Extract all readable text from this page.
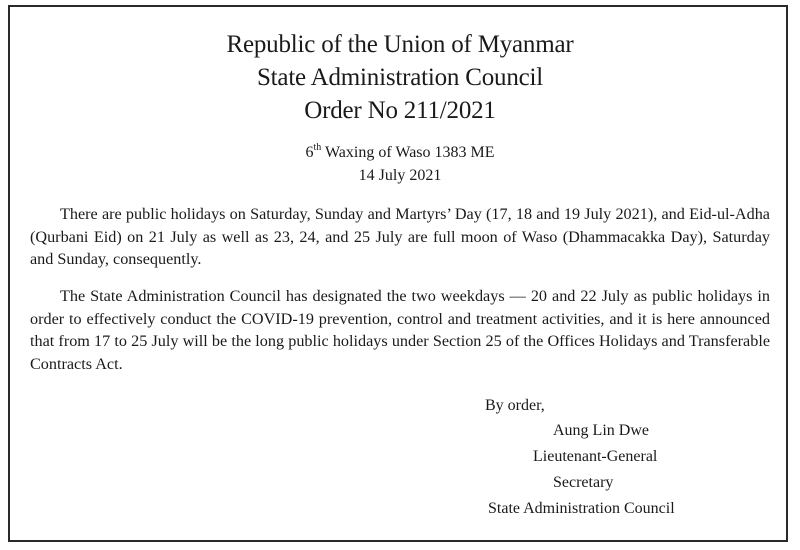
Republic of the Union of Myanmar
State Administration Council
Order No 211/2021
6th Waxing of Waso 1383 ME
14 July 2021

There are public holidays on Saturday, Sunday and Martyrs’ Day (17, 18 and 19 July 2021), and Eid-ul-Adha (Qurbani Eid) on 21 July as well as 23, 24, and 25 July are full moon of Waso (Dhammacakka Day), Saturday and Sunday, consequently.

The State Administration Council has designated the two weekdays — 20 and 22 July as public holidays in order to effectively conduct the COVID-19 prevention, control and treatment activities, and it is here announced that from 17 to 25 July will be the long public holidays under Section 25 of the Offices Holidays and Transferable Contracts Act.

By order,
Aung Lin Dwe
Lieutenant-General
Secretary
State Administration Council
